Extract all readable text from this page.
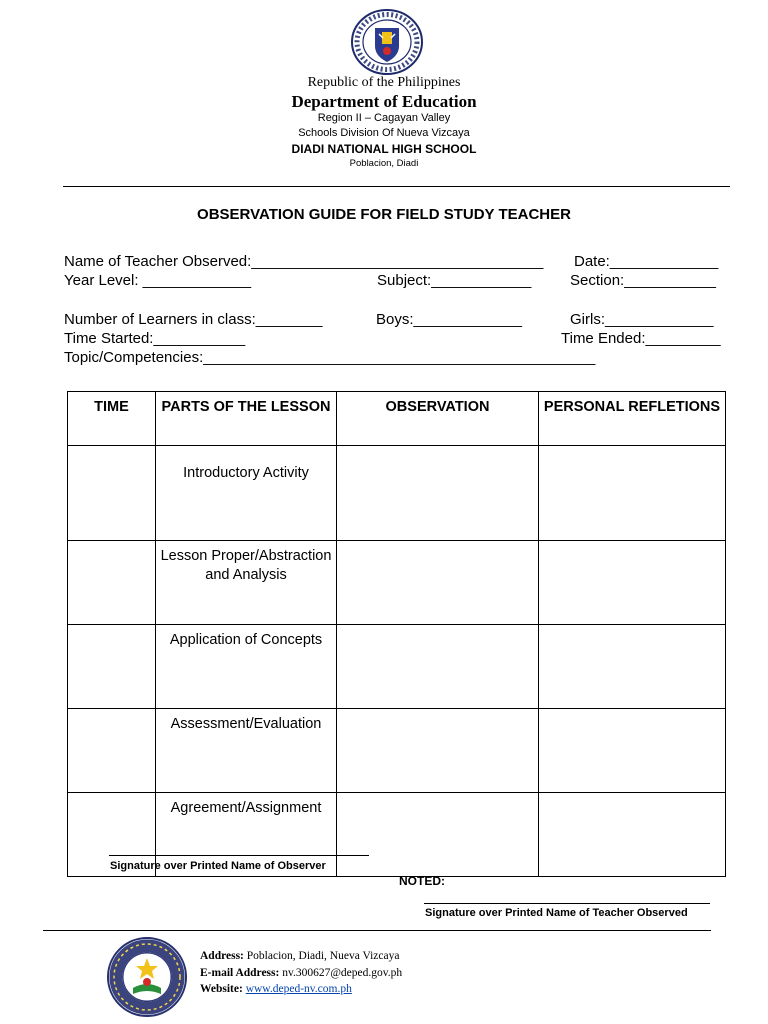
Republic of the Philippines
Department of Education
Region II – Cagayan Valley
Schools Division Of Nueva Vizcaya
DIADI NATIONAL HIGH SCHOOL
Poblacion, Diadi
OBSERVATION GUIDE FOR FIELD STUDY TEACHER
Name of Teacher Observed:___________________________________ Date:_____________
Year Level: _____________	Subject:____________	Section:___________
Number of Learners in class:________	Boys:_____________	Girls:_____________
Time Started:___________	Time Ended:_________
Topic/Competencies:_______________________________________________
TIME	PARTS OF THE LESSON	OBSERVATION	PERSONAL REFLETIONS
	Introductory Activity		
	Lesson Proper/Abstraction and Analysis		
	Application of Concepts		
	Assessment/Evaluation		
	Agreement/Assignment		
Signature over Printed Name of Observer
NOTED:
Signature over Printed Name of Teacher Observed
Address: Poblacion, Diadi, Nueva Vizcaya
E-mail Address: nv.300627@deped.gov.ph
Website: www.deped-nv.com.ph
